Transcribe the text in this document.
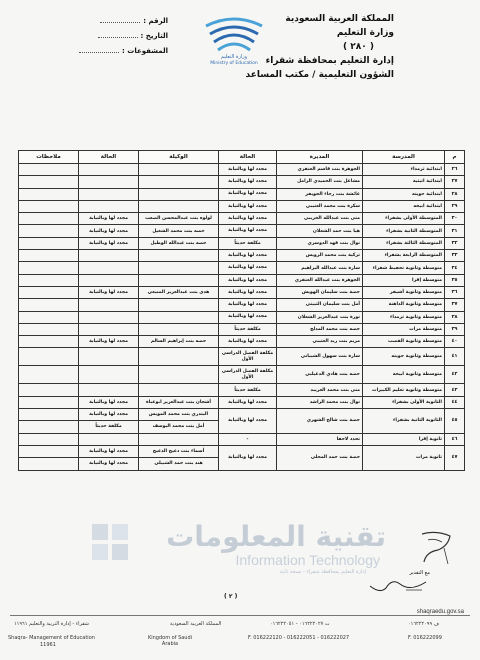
المملكة العربية السعودية
وزارة التعليم
( ٢٨٠ )
إدارة التعليم بمحافظة شقراء
الشؤون التعليمية / مكتب المساعد
وزارة التعليم
Ministry of Education
الرقم :
التاريخ :
المشفوعات :
م	المدرسة	المديرة	الحالة	الوكيلة	الحالة	ملاحظات
٢٦	ابتدائية ثرمداء	الجوهرة بنت قاسم العنقري	مجدد لها وبالنيابة			
٢٧	ابتدائية اثيثية	مشاعل بنت الحميدي الزامل	مجدد لها وبالنيابة			
٢٨	ابتدائية حويته	عائشة بنت رجاء الجويفر	مجدد لها وبالنيابة			
٢٩	ابتدائية ابيخه	سكرة بنت محمد العتيبي	مجدد لها وبالنيابة			
٣٠	المتوسطة الأولى بشقراء	منى بنت عبدالله الخريبي	مجدد لها وبالنيابة	لولوه بنت عبدالمحسن الصعب	مجدد لها وبالنيابة	
٣١	المتوسطة الثانية بشقراء	هيا بنت حمد الشعلان	مجدد لها وبالنيابة	حصه بنت محمد الشغيل	مجدد لها وبالنيابة	
٣٢	المتوسطة الثالثة بشقراء	نوال بنت فهد الدوسري	مكلفة حديثاً	حصه بنت عبدالله الوطيل	مجدد لها وبالنيابة	
٣٣	المتوسطة الرابعة بشقراء	تركية بنت محمد الرويس	مجدد لها وبالنيابة			
٣٤	متوسطة وثانوية تحفيظ شقراء	سارة بنت عبدالله البراهيم	مجدد لها وبالنيابة			
٣٥	متوسطة إقرا	الجوهرة بنت عبدالله العنقري	مجدد لها وبالنيابة			
٣٦	متوسطة وثانوية أشيقر	حصة بنت سليمان الهويش	مجدد لها وبالنيابة	هدى بنت عبدالعزيز المنيعي	مجدد لها وبالنيابة	
٣٧	متوسطة وثانوية الداهنة	أمل بنت سليمان الثبيتي	مجدد لها وبالنيابة			
٣٨	متوسطة وثانوية ثرمداء	نورة بنت عبدالعزيز الشعلان	مجدد لها وبالنيابة			
٣٩	متوسطة مرات	حصه بنت محمد المدلج	مكلفة حديثاً			
٤٠	متوسطة وثانوية القصب	مريم بنت زيد العتيبي	مجدد لها وبالنيابة	حصه بنت إبراهيم السالم	مجدد لها وبالنيابة	
٤١	متوسطة وثانوية حويته	سارة بنت سهول الشيباني	مكلفة الفصل الدراسي الأول			
٤٢	متوسطة وثانوية ابيخه	حصه بنت هادي الدغيلبي	مكلفة الفصل الدراسي الأول			
٤٣	متوسطة وثانوية تعليم الكبيرات	منى بنت محمد العريبد	مكلفة حديثاً			
٤٤	الثانوية الأولى بشقراء	نوال بنت محمد الراشد	مجدد لها وبالنيابة	أشجان بنت عبدالعزيز ابوعباة	مجدد لها وبالنيابة	
٤٥	الثانوية الثانية بشقراء	حصة بنت شالح الشهري	مجدد لها وبالنيابة	البندري بنت محمد المويس	مجدد لها وبالنيابة	
				أمل بنت محمد اليوسف	مكلفة حديثاً	
٤٦	ثانوية إقرا	تحدد لاحقا	-			
٤٧	ثانوية مرات	حصة بنت حمد المجلي	مجدد لها وبالنيابة	أسماء بنت دعيج الدعيج	مجدد لها وبالنيابة	
				هند بنت حمد الشبيلي	مجدد لها وبالنيابة	
تقنية المعلومات
Information Technology
إدارة التعليم بمحافظة شقراء - نسخة ثابتة	مع التقدير
( ٢ )
shaqraedu.gov.sa
شقراء - إدارة التربية والتعليم ١١٩٦١	المملكة العربية السعودية	ت ٠١٦٢٢٢٠٢٧ - ٠١٦٢٢٢٠٥١	ف ٠١٦٢٢٢٠٩٩
Shaqra- Management of Education
11961
Kingdom of Saudi Arabia
F. 016222120 - 016222051 - 016222027	F. 016222099
